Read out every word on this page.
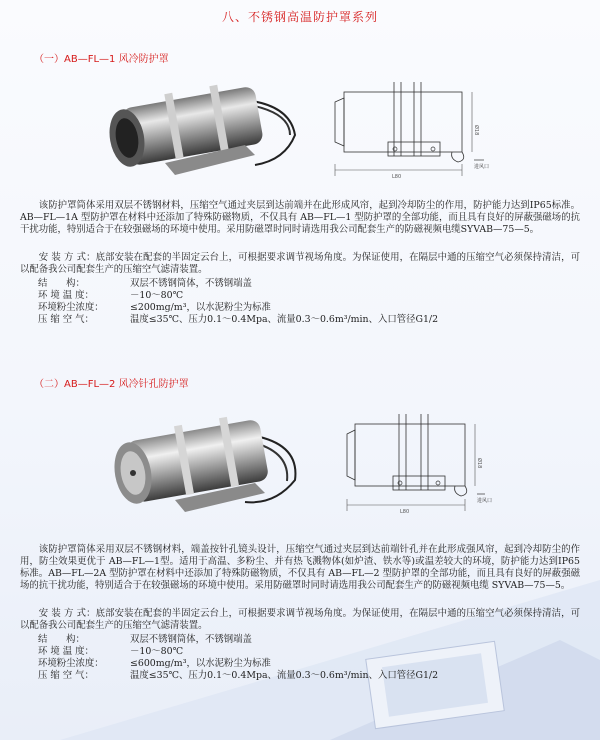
八、不锈钢高温防护罩系列
（一）AB—FL—1 风冷防护罩
L80
Ø18
进风口
该防护罩筒体采用双层不锈钢材料，压缩空气通过夹层到达前端并在此形成风帘，起到冷却防尘的作用，防护能力达到IP65标准。AB—FL—1A 型防护罩在材料中还添加了特殊防磁物质，不仅具有 AB—FL—1 型防护罩的全部功能，而且具有良好的屏蔽强磁场的抗干扰功能，特别适合于在较强磁场的环境中使用。采用防磁罩时同时请选用我公司配套生产的防磁视频电缆SYVAB—75—5。
安 装 方 式：底部安装在配套的半固定云台上，可根据要求调节视场角度。为保证使用，在隔层中通的压缩空气必须保持清洁，可以配备我公司配套生产的压缩空气滤清装置。
结　　构：	双层不锈钢筒体，不锈钢端盖
环 境 温 度：	－10～80℃
环境粉尘浓度：	≤200mg/m³，以水泥粉尘为标准
压 缩 空 气：	温度≤35℃、压力0.1～0.4Mpa、流量0.3～0.6m³/min、入口管径G1/2
（二）AB—FL—2 风冷针孔防护罩
L80
Ø18
进风口
该防护罩筒体采用双层不锈钢材料，端盖按针孔镜头设计，压缩空气通过夹层到达前端针孔并在此形成强风帘，起到冷却防尘的作用，防尘效果更优于 AB—FL—1型。适用于高温、多粉尘、并有热飞溅物体(如炉渣、铁水等)或温差较大的环境，防护能力达到IP65标准。AB—FL—2A 型防护罩在材料中还添加了特殊防磁物质，不仅具有 AB—FL—2 型防护罩的全部功能，而且具有良好的屏蔽强磁场的抗干扰功能，特别适合于在较强磁场的环境中使用。采用防磁罩时同时请选用我公司配套生产的防磁视频电缆 SYVAB—75—5。
安 装 方 式：底部安装在配套的半固定云台上，可根据要求调节视场角度。为保证使用，在隔层中通的压缩空气必须保持清洁，可以配备我公司配套生产的压缩空气滤清装置。
结　　构：	双层不锈钢筒体，不锈钢端盖
环 境 温 度：	－10～80℃
环境粉尘浓度：	≤600mg/m³，以水泥粉尘为标准
压 缩 空 气：	温度≤35℃、压力0.1～0.4Mpa、流量0.3～0.6m³/min、入口管径G1/2
